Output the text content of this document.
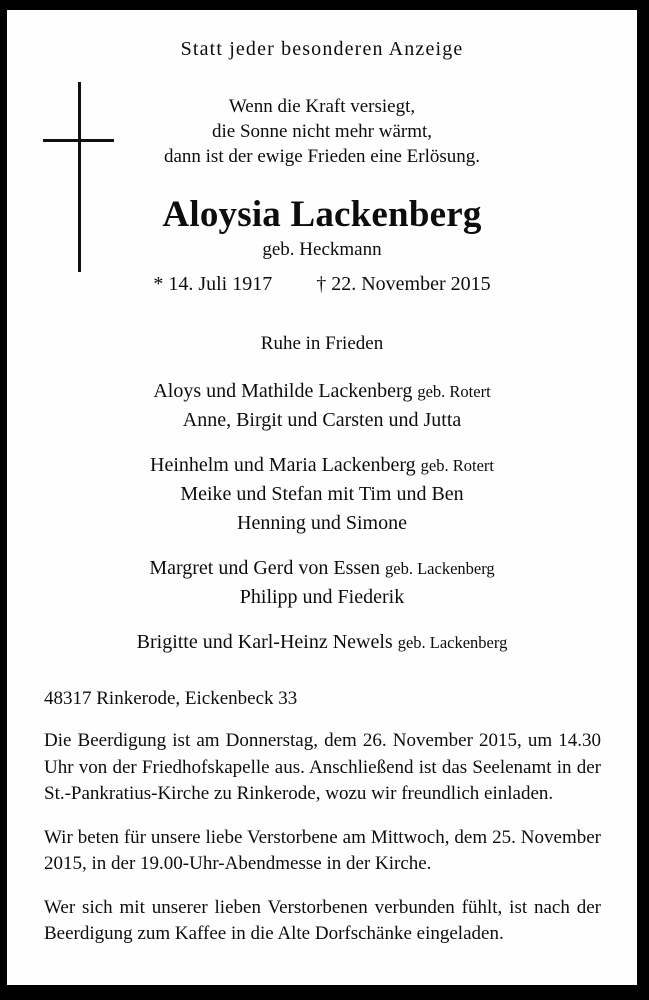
Statt jeder besonderen Anzeige
Wenn die Kraft versiegt,
die Sonne nicht mehr wärmt,
dann ist der ewige Frieden eine Erlösung.
Aloysia Lackenberg
geb. Heckmann
* 14. Juli 1917 † 22. November 2015
Ruhe in Frieden
Aloys und Mathilde Lackenberg geb. Rotert
Anne, Birgit und Carsten und Jutta
Heinhelm und Maria Lackenberg geb. Rotert
Meike und Stefan mit Tim und Ben
Henning und Simone
Margret und Gerd von Essen geb. Lackenberg
Philipp und Fiederik
Brigitte und Karl-Heinz Newels geb. Lackenberg
48317 Rinkerode, Eickenbeck 33
Die Beerdigung ist am Donnerstag, dem 26. November 2015, um 14.30 Uhr von der Friedhofskapelle aus. Anschließend ist das Seelenamt in der St.-Pankratius-Kirche zu Rinkerode, wozu wir freundlich einladen.
Wir beten für unsere liebe Verstorbene am Mittwoch, dem 25. November 2015, in der 19.00-Uhr-Abendmesse in der Kirche.
Wer sich mit unserer lieben Verstorbenen verbunden fühlt, ist nach der Beerdigung zum Kaffee in die Alte Dorfschänke eingeladen.
